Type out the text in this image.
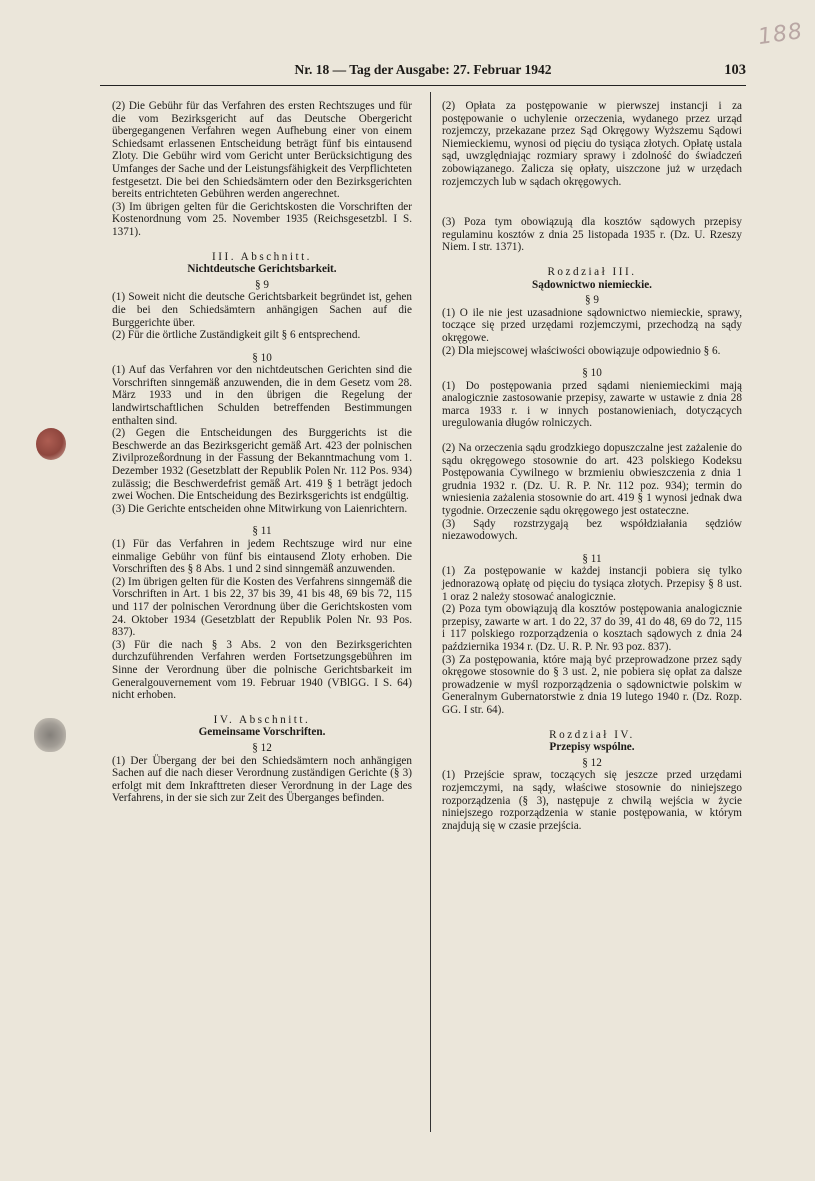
188
Nr. 18 — Tag der Ausgabe: 27. Februar 1942	103

(2) Die Gebühr für das Verfahren des ersten Rechtszuges und für die vom Bezirksgericht auf das Deutsche Obergericht übergegangenen Verfahren wegen Aufhebung einer von einem Schiedsamt erlassenen Entscheidung beträgt fünf bis eintausend Zloty. Die Gebühr wird vom Gericht unter Berücksichtigung des Umfanges der Sache und der Leistungsfähigkeit des Verpflichteten festgesetzt. Die bei den Schiedsämtern oder den Bezirksgerichten bereits entrichteten Gebühren werden angerechnet.

(3) Im übrigen gelten für die Gerichtskosten die Vorschriften der Kostenordnung vom 25. November 1935 (Reichsgesetzbl. I S. 1371).

III. Abschnitt.

Nichtdeutsche Gerichtsbarkeit.

§ 9

(1) Soweit nicht die deutsche Gerichtsbarkeit begründet ist, gehen die bei den Schiedsämtern anhängigen Sachen auf die Burggerichte über.

(2) Für die örtliche Zuständigkeit gilt § 6 entsprechend.

§ 10

(1) Auf das Verfahren vor den nichtdeutschen Gerichten sind die Vorschriften sinngemäß anzuwenden, die in dem Gesetz vom 28. März 1933 und in den übrigen die Regelung der landwirtschaftlichen Schulden betreffenden Bestimmungen enthalten sind.

(2) Gegen die Entscheidungen des Burggerichts ist die Beschwerde an das Bezirksgericht gemäß Art. 423 der polnischen Zivilprozeßordnung in der Fassung der Bekanntmachung vom 1. Dezember 1932 (Gesetzblatt der Republik Polen Nr. 112 Pos. 934) zulässig; die Beschwerdefrist gemäß Art. 419 § 1 beträgt jedoch zwei Wochen. Die Entscheidung des Bezirksgerichts ist endgültig.

(3) Die Gerichte entscheiden ohne Mitwirkung von Laienrichtern.

§ 11

(1) Für das Verfahren in jedem Rechtszuge wird nur eine einmalige Gebühr von fünf bis eintausend Zloty erhoben. Die Vorschriften des § 8 Abs. 1 und 2 sind sinngemäß anzuwenden.

(2) Im übrigen gelten für die Kosten des Verfahrens sinngemäß die Vorschriften in Art. 1 bis 22, 37 bis 39, 41 bis 48, 69 bis 72, 115 und 117 der polnischen Verordnung über die Gerichtskosten vom 24. Oktober 1934 (Gesetzblatt der Republik Polen Nr. 93 Pos. 837).

(3) Für die nach § 3 Abs. 2 von den Bezirksgerichten durchzuführenden Verfahren werden Fortsetzungsgebühren im Sinne der Verordnung über die polnische Gerichtsbarkeit im Generalgouvernement vom 19. Februar 1940 (VBlGG. I S. 64) nicht erhoben.

IV. Abschnitt.

Gemeinsame Vorschriften.

§ 12

(1) Der Übergang der bei den Schiedsämtern noch anhängigen Sachen auf die nach dieser Verordnung zuständigen Gerichte (§ 3) erfolgt mit dem Inkrafttreten dieser Verordnung in der Lage des Verfahrens, in der sie sich zur Zeit des Überganges befinden.

(2) Opłata za postępowanie w pierwszej instancji i za postępowanie o uchylenie orzeczenia, wydanego przez urząd rozjemczy, przekazane przez Sąd Okręgowy Wyższemu Sądowi Niemieckiemu, wynosi od pięciu do tysiąca złotych. Opłatę ustala sąd, uwzględniając rozmiary sprawy i zdolność do świadczeń zobowiązanego. Zalicza się opłaty, uiszczone już w urzędach rozjemczych lub w sądach okręgowych.

(3) Poza tym obowiązują dla kosztów sądowych przepisy regulaminu kosztów z dnia 25 listopada 1935 r. (Dz. U. Rzeszy Niem. I str. 1371).

Rozdział III.

Sądownictwo niemieckie.

§ 9

(1) O ile nie jest uzasadnione sądownictwo niemieckie, sprawy, toczące się przed urzędami rozjemczymi, przechodzą na sądy okręgowe.

(2) Dla miejscowej właściwości obowiązuje odpowiednio § 6.

§ 10

(1) Do postępowania przed sądami nieniemieckimi mają analogicznie zastosowanie przepisy, zawarte w ustawie z dnia 28 marca 1933 r. i w innych postanowieniach, dotyczących uregulowania długów rolniczych.

(2) Na orzeczenia sądu grodzkiego dopuszczalne jest zażalenie do sądu okręgowego stosownie do art. 423 polskiego Kodeksu Postępowania Cywilnego w brzmieniu obwieszczenia z dnia 1 grudnia 1932 r. (Dz. U. R. P. Nr. 112 poz. 934); termin do wniesienia zażalenia stosownie do art. 419 § 1 wynosi jednak dwa tygodnie. Orzeczenie sądu okręgowego jest ostateczne.

(3) Sądy rozstrzygają bez współdziałania sędziów niezawodowych.

§ 11

(1) Za postępowanie w każdej instancji pobiera się tylko jednorazową opłatę od pięciu do tysiąca złotych. Przepisy § 8 ust. 1 oraz 2 należy stosować analogicznie.

(2) Poza tym obowiązują dla kosztów postępowania analogicznie przepisy, zawarte w art. 1 do 22, 37 do 39, 41 do 48, 69 do 72, 115 i 117 polskiego rozporządzenia o kosztach sądowych z dnia 24 października 1934 r. (Dz. U. R. P. Nr. 93 poz. 837).

(3) Za postępowania, które mają być przeprowadzone przez sądy okręgowe stosownie do § 3 ust. 2, nie pobiera się opłat za dalsze prowadzenie w myśl rozporządzenia o sądownictwie polskim w Generalnym Gubernatorstwie z dnia 19 lutego 1940 r. (Dz. Rozp. GG. I str. 64).

Rozdział IV.

Przepisy wspólne.

§ 12

(1) Przejście spraw, toczących się jeszcze przed urzędami rozjemczymi, na sądy, właściwe stosownie do niniejszego rozporządzenia (§ 3), następuje z chwilą wejścia w życie niniejszego rozporządzenia w stanie postępowania, w którym znajdują się w czasie przejścia.
